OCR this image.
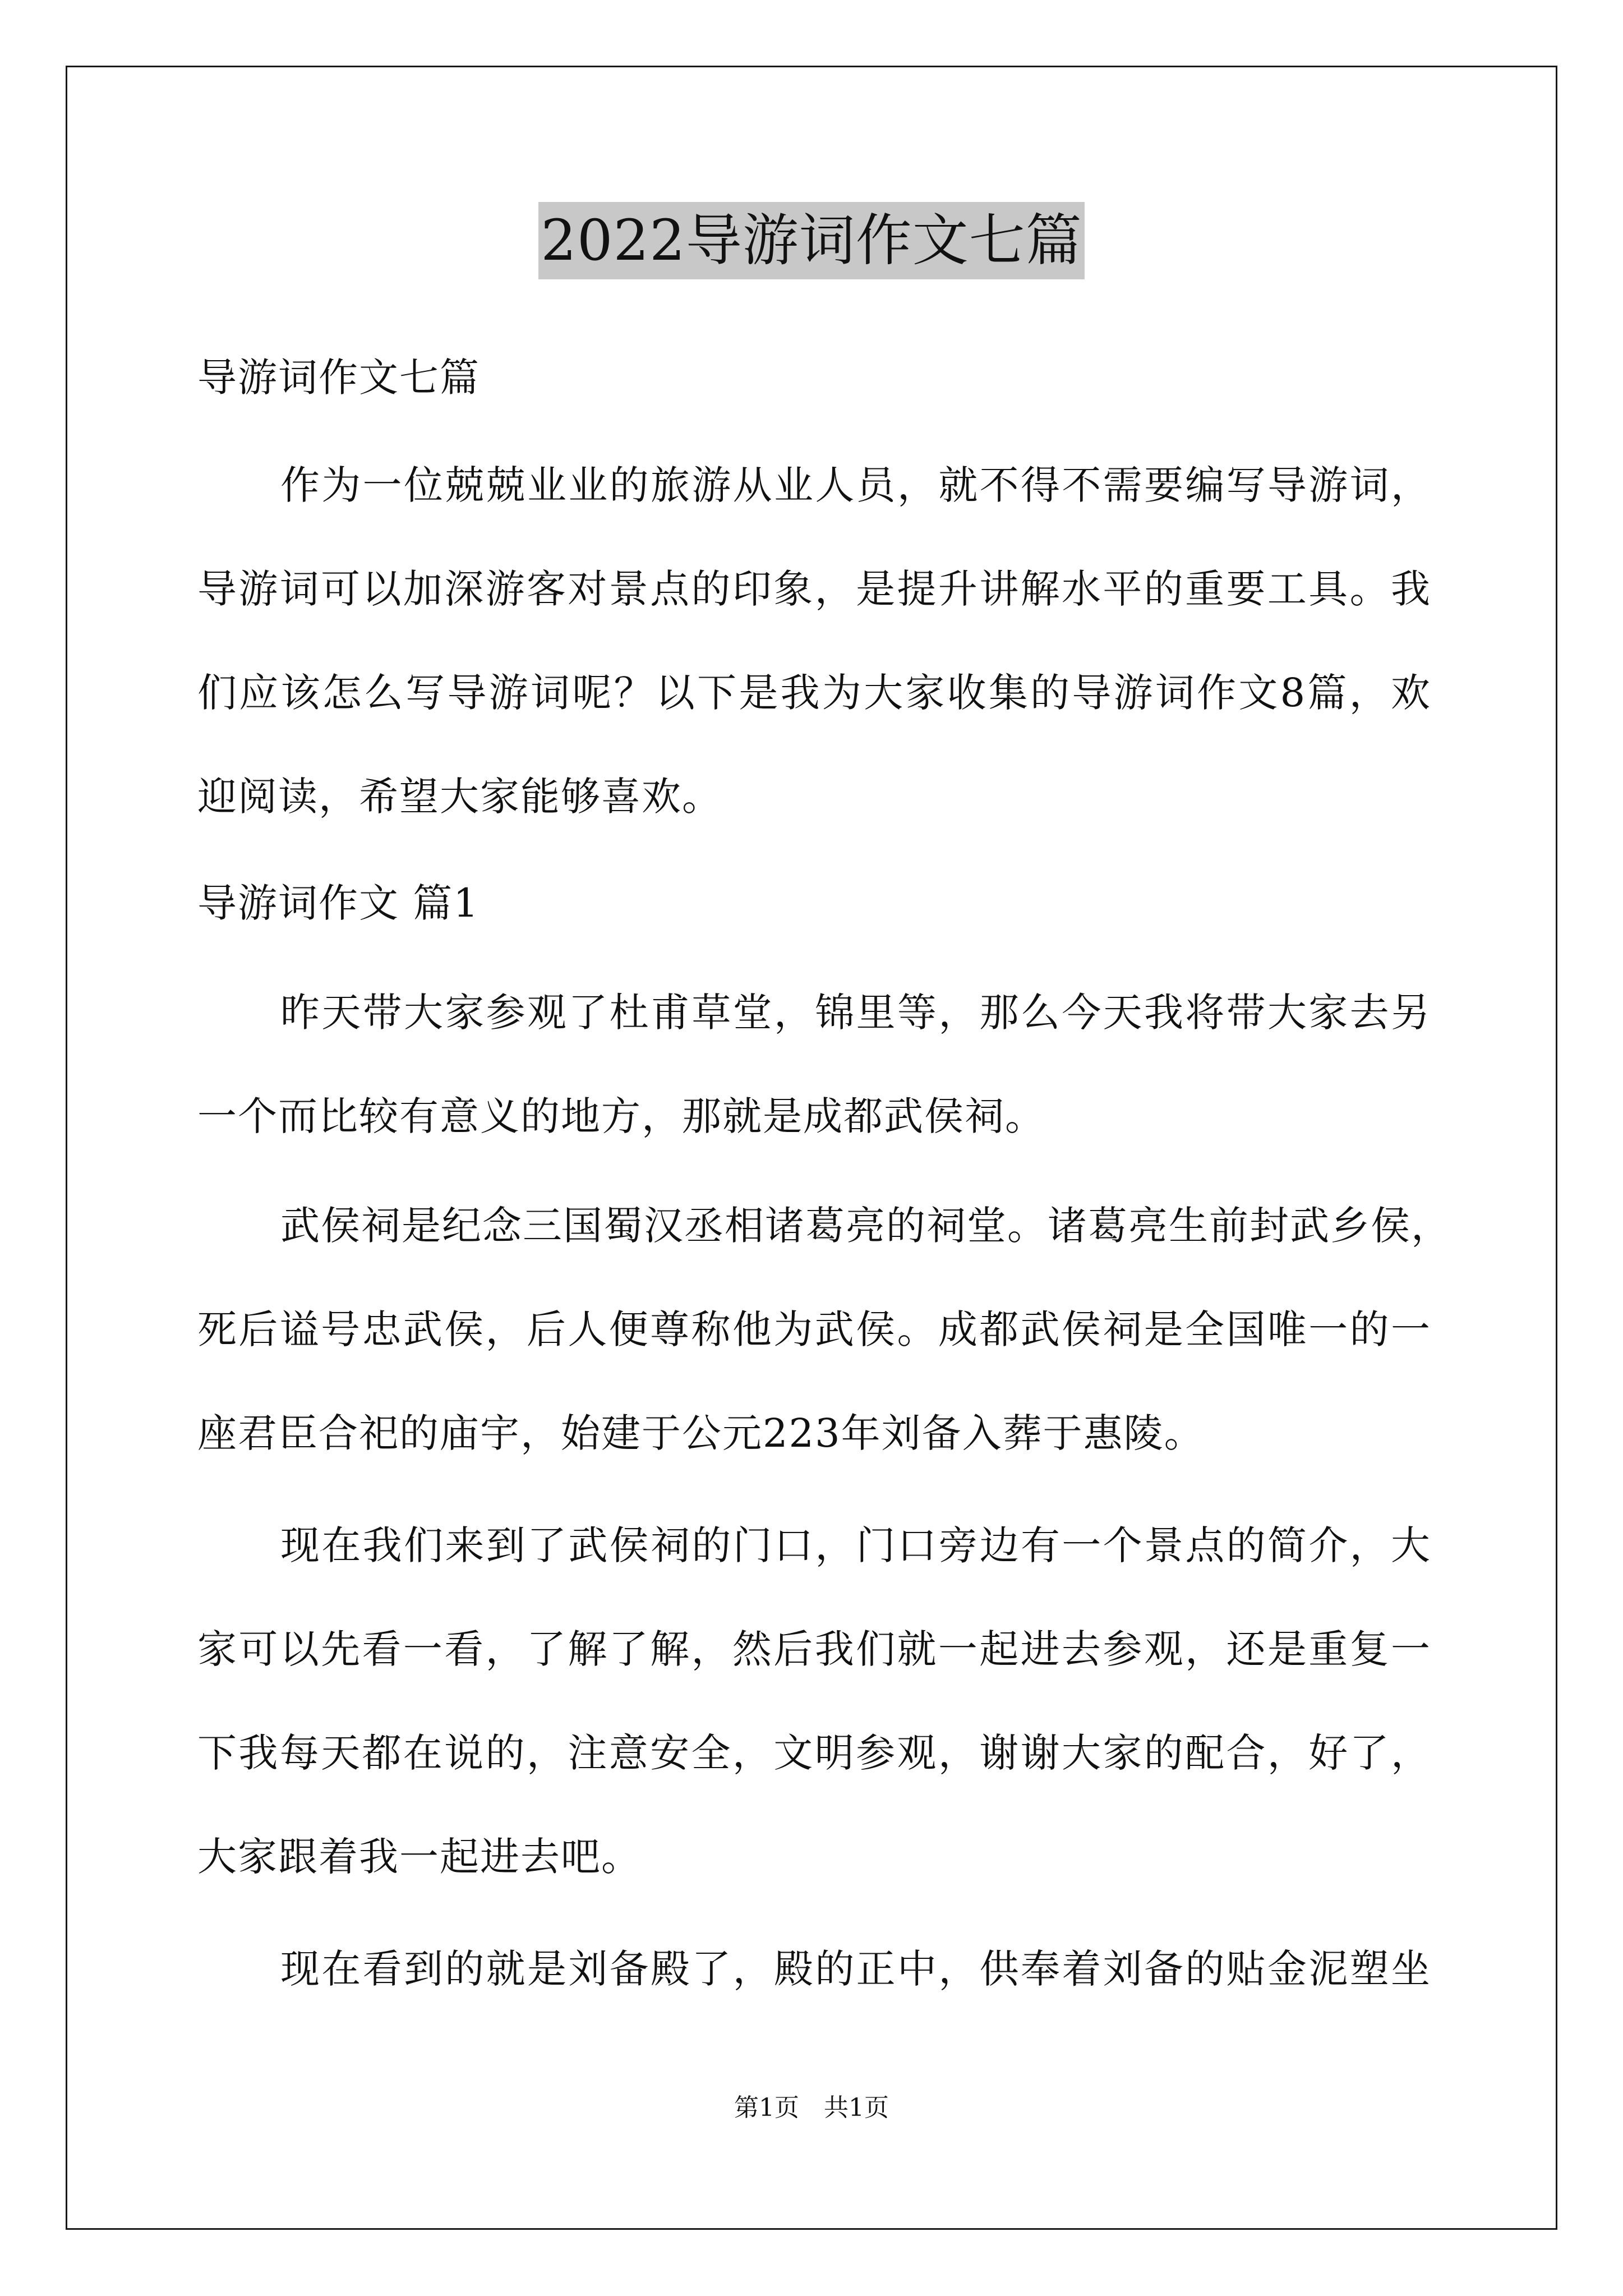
2022导游词作文七篇
导游词作文七篇
作为一位兢兢业业的旅游从业人员，就不得不需要编写导游词，
导游词可以加深游客对景点的印象，是提升讲解水平的重要工具。我
们应该怎么写导游词呢？以下是我为大家收集的导游词作文8篇，欢
迎阅读，希望大家能够喜欢。
导游词作文 篇1
昨天带大家参观了杜甫草堂，锦里等，那么今天我将带大家去另
一个而比较有意义的地方，那就是成都武侯祠。
武侯祠是纪念三国蜀汉丞相诸葛亮的祠堂。诸葛亮生前封武乡侯，
死后谥号忠武侯，后人便尊称他为武侯。成都武侯祠是全国唯一的一
座君臣合祀的庙宇，始建于公元223年刘备入葬于惠陵。
现在我们来到了武侯祠的门口，门口旁边有一个景点的简介，大
家可以先看一看，了解了解，然后我们就一起进去参观，还是重复一
下我每天都在说的，注意安全，文明参观，谢谢大家的配合，好了，
大家跟着我一起进去吧。
现在看到的就是刘备殿了，殿的正中，供奉着刘备的贴金泥塑坐
第1页　共1页
